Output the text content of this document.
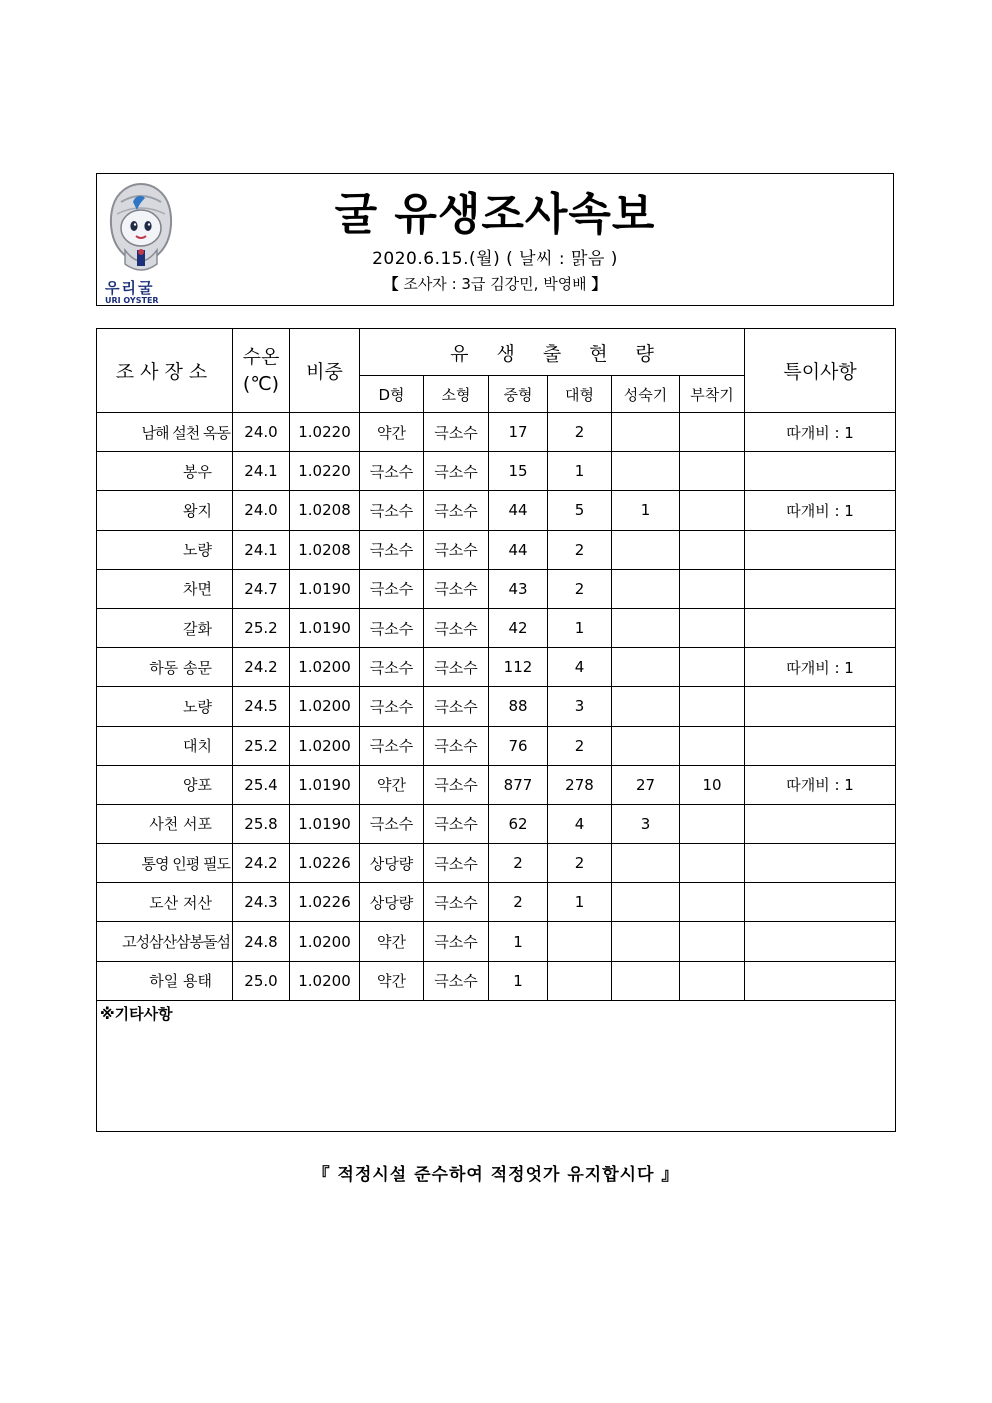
우리굴
URI OYSTER
굴 유생조사속보
2020.6.15.(월) ( 날씨 : 맑음 )
【 조사자 : 3급 김강민, 박영배 】
조사장소	수온
(℃)	비중	유생출현량						특이사항
			D형	소형	중형	대형	성숙기	부착기	
남해 설천 옥동	24.0	1.0220	약간	극소수	17	2			따개비 : 1
봉우	24.1	1.0220	극소수	극소수	15	1			
왕지	24.0	1.0208	극소수	극소수	44	5	1		따개비 : 1
노량	24.1	1.0208	극소수	극소수	44	2			
차면	24.7	1.0190	극소수	극소수	43	2			
갈화	25.2	1.0190	극소수	극소수	42	1			
하동 송문	24.2	1.0200	극소수	극소수	112	4			따개비 : 1
노량	24.5	1.0200	극소수	극소수	88	3			
대치	25.2	1.0200	극소수	극소수	76	2			
양포	25.4	1.0190	약간	극소수	877	278	27	10	따개비 : 1
사천 서포	25.8	1.0190	극소수	극소수	62	4	3		
통영 인평 필도	24.2	1.0226	상당량	극소수	2	2			
도산 저산	24.3	1.0226	상당량	극소수	2	1			
고성삼산삼봉돌섬	24.8	1.0200	약간	극소수	1				
하일 용태	25.0	1.0200	약간	극소수	1				

※기타사항									
『 적정시설 준수하여 적정엇가 유지합시다 』
